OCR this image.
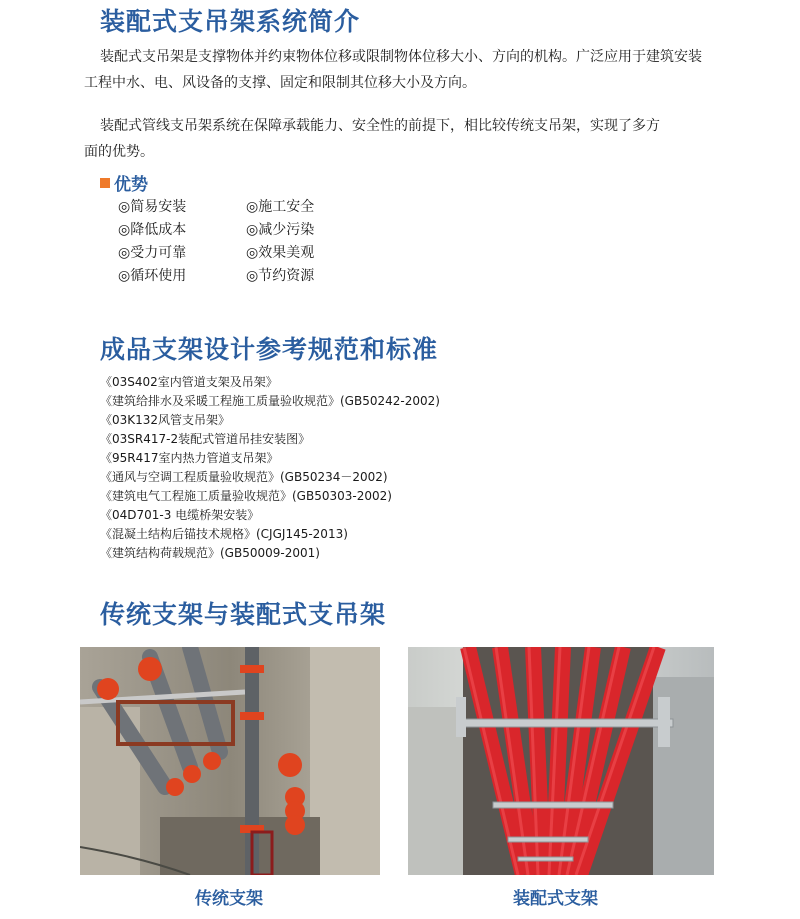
装配式支吊架系统简介
装配式支吊架是支撑物体并约束物体位移或限制物体位移大小、方向的机构。广泛应用于建筑安装
工程中水、电、风设备的支撑、固定和限制其位移大小及方向。
装配式管线支吊架系统在保障承载能力、安全性的前提下，相比较传统支吊架，实现了多方
面的优势。
优势
◎简易安装	◎施工安全
◎降低成本	◎减少污染
◎受力可靠	◎效果美观
◎循环使用	◎节约资源
成品支架设计参考规范和标准
《03S402室内管道支架及吊架》
《建筑给排水及采暖工程施工质量验收规范》(GB50242-2002)
《03K132风管支吊架》
《03SR417-2装配式管道吊挂安装图》
《95R417室内热力管道支吊架》
《通风与空调工程质量验收规范》(GB50234－2002)
《建筑电气工程施工质量验收规范》(GB50303-2002)
《04D701-3 电缆桥架安装》
《混凝土结构后锚技术规格》(CJGJ145-2013)
《建筑结构荷载规范》(GB50009-2001)
传统支架与装配式支吊架
传统支架	装配式支架
